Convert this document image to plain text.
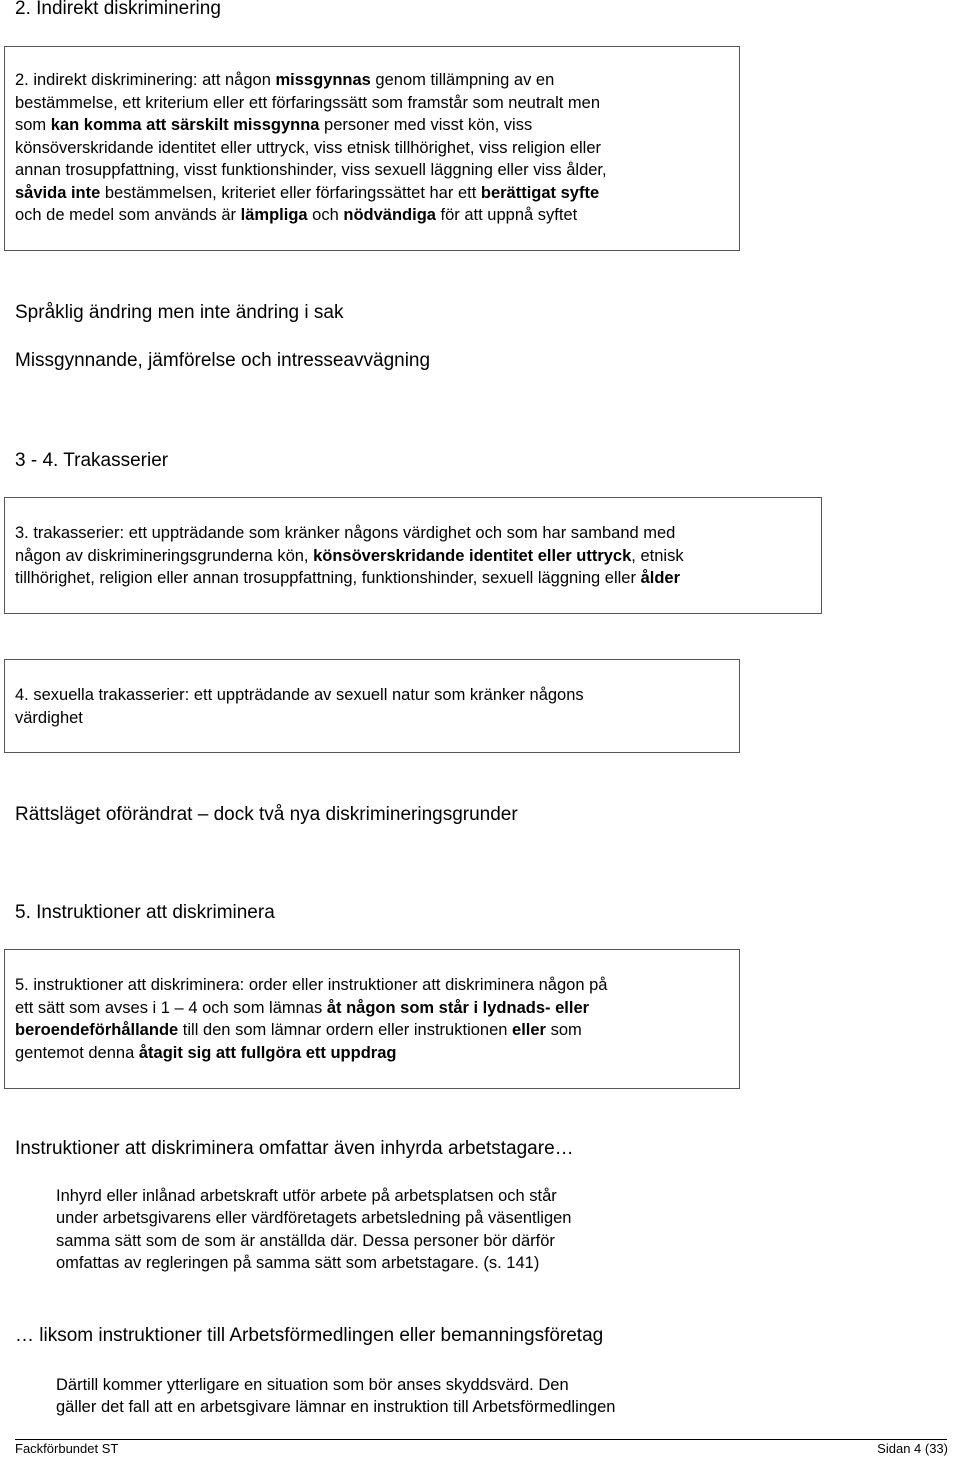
2. Indirekt diskriminering
2. indirekt diskriminering: att någon missgynnas genom tillämpning av en
bestämmelse, ett kriterium eller ett förfaringssätt som framstår som neutralt men
som kan komma att särskilt missgynna personer med visst kön, viss
könsöverskridande identitet eller uttryck, viss etnisk tillhörighet, viss religion eller
annan trosuppfattning, visst funktionshinder, viss sexuell läggning eller viss ålder,
såvida inte bestämmelsen, kriteriet eller förfaringssättet har ett berättigat syfte
och de medel som används är lämpliga och nödvändiga för att uppnå syftet
Språklig ändring men inte ändring i sak
Missgynnande, jämförelse och intresseavvägning
3 - 4. Trakasserier
3. trakasserier: ett uppträdande som kränker någons värdighet och som har samband med
någon av diskrimineringsgrunderna kön, könsöverskridande identitet eller uttryck, etnisk
tillhörighet, religion eller annan trosuppfattning, funktionshinder, sexuell läggning eller ålder
4. sexuella trakasserier: ett uppträdande av sexuell natur som kränker någons
värdighet
Rättsläget oförändrat – dock två nya diskrimineringsgrunder
5. Instruktioner att diskriminera
5. instruktioner att diskriminera: order eller instruktioner att diskriminera någon på
ett sätt som avses i 1 – 4 och som lämnas åt någon som står i lydnads- eller
beroendeförhållande till den som lämnar ordern eller instruktionen eller som
gentemot denna åtagit sig att fullgöra ett uppdrag
Instruktioner att diskriminera omfattar även inhyrda arbetstagare…
Inhyrd eller inlånad arbetskraft utför arbete på arbetsplatsen och står
under arbetsgivarens eller värdföretagets arbetsledning på väsentligen
samma sätt som de som är anställda där. Dessa personer bör därför
omfattas av regleringen på samma sätt som arbetstagare. (s. 141)
… liksom instruktioner till Arbetsförmedlingen eller bemanningsföretag
Därtill kommer ytterligare en situation som bör anses skyddsvärd. Den
gäller det fall att en arbetsgivare lämnar en instruktion till Arbetsförmedlingen
Fackförbundet ST	Sidan 4 (33)
